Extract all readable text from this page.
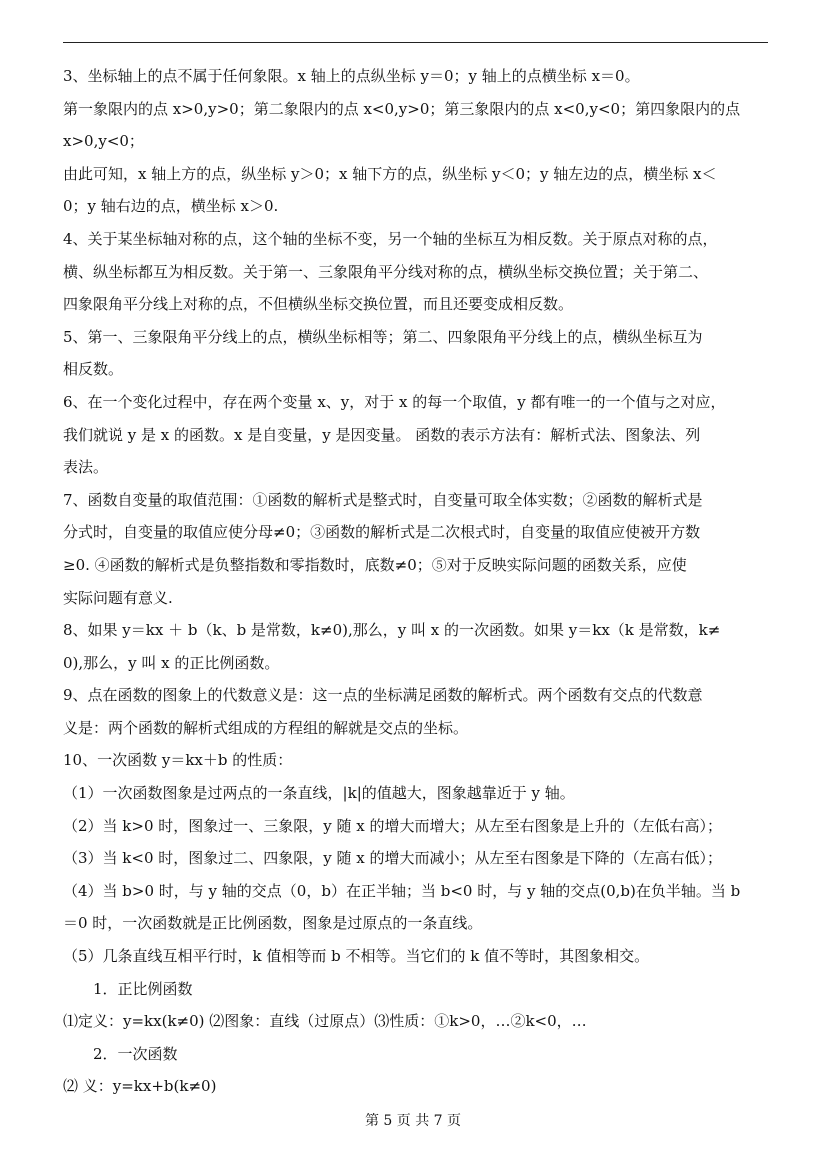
3、坐标轴上的点不属于任何象限。x 轴上的点纵坐标 y＝0；y 轴上的点横坐标 x＝0。
第一象限内的点 x>0,y>0；第二象限内的点 x<0,y>0；第三象限内的点 x<0,y<0；第四象限内的点
x>0,y<0；
由此可知，x 轴上方的点，纵坐标 y＞0；x 轴下方的点，纵坐标 y＜0；y 轴左边的点，横坐标 x＜
0；y 轴右边的点，横坐标 x＞0.
4、关于某坐标轴对称的点，这个轴的坐标不变，另一个轴的坐标互为相反数。关于原点对称的点，
横、纵坐标都互为相反数。关于第一、三象限角平分线对称的点，横纵坐标交换位置；关于第二、
四象限角平分线上对称的点，不但横纵坐标交换位置，而且还要变成相反数。
5、第一、三象限角平分线上的点，横纵坐标相等；第二、四象限角平分线上的点，横纵坐标互为
相反数。
6、在一个变化过程中，存在两个变量 x、y，对于 x 的每一个取值，y 都有唯一的一个值与之对应，
我们就说 y 是 x 的函数。x 是自变量，y 是因变量。 函数的表示方法有：解析式法、图象法、列
表法。
7、函数自变量的取值范围：①函数的解析式是整式时，自变量可取全体实数；②函数的解析式是
分式时，自变量的取值应使分母≠0；③函数的解析式是二次根式时，自变量的取值应使被开方数
≥0. ④函数的解析式是负整指数和零指数时，底数≠0；⑤对于反映实际问题的函数关系，应使
实际问题有意义.
8、如果 y＝kx ＋ b（k、b 是常数，k≠0),那么，y 叫 x 的一次函数。如果 y＝kx（k 是常数，k≠
0),那么，y 叫 x 的正比例函数。
9、点在函数的图象上的代数意义是：这一点的坐标满足函数的解析式。两个函数有交点的代数意
义是：两个函数的解析式组成的方程组的解就是交点的坐标。
10、一次函数 y＝kx＋b 的性质：
（1）一次函数图象是过两点的一条直线，|k|的值越大，图象越靠近于 y 轴。
（2）当 k>0 时，图象过一、三象限，y 随 x 的增大而增大；从左至右图象是上升的（左低右高）；
（3）当 k<0 时，图象过二、四象限，y 随 x 的增大而减小；从左至右图象是下降的（左高右低）；
（4）当 b>0 时，与 y 轴的交点（0，b）在正半轴；当 b<0 时，与 y 轴的交点(0,b)在负半轴。当 b
＝0 时，一次函数就是正比例函数，图象是过原点的一条直线。
（5）几条直线互相平行时，k 值相等而 b 不相等。当它们的 k 值不等时，其图象相交。
1．正比例函数
⑴定义：y=kx(k≠0) ⑵图象：直线（过原点）⑶性质：①k>0，…②k<0，…
2．一次函数
⑵ 义：y=kx+b(k≠0)
第 5 页 共 7 页
